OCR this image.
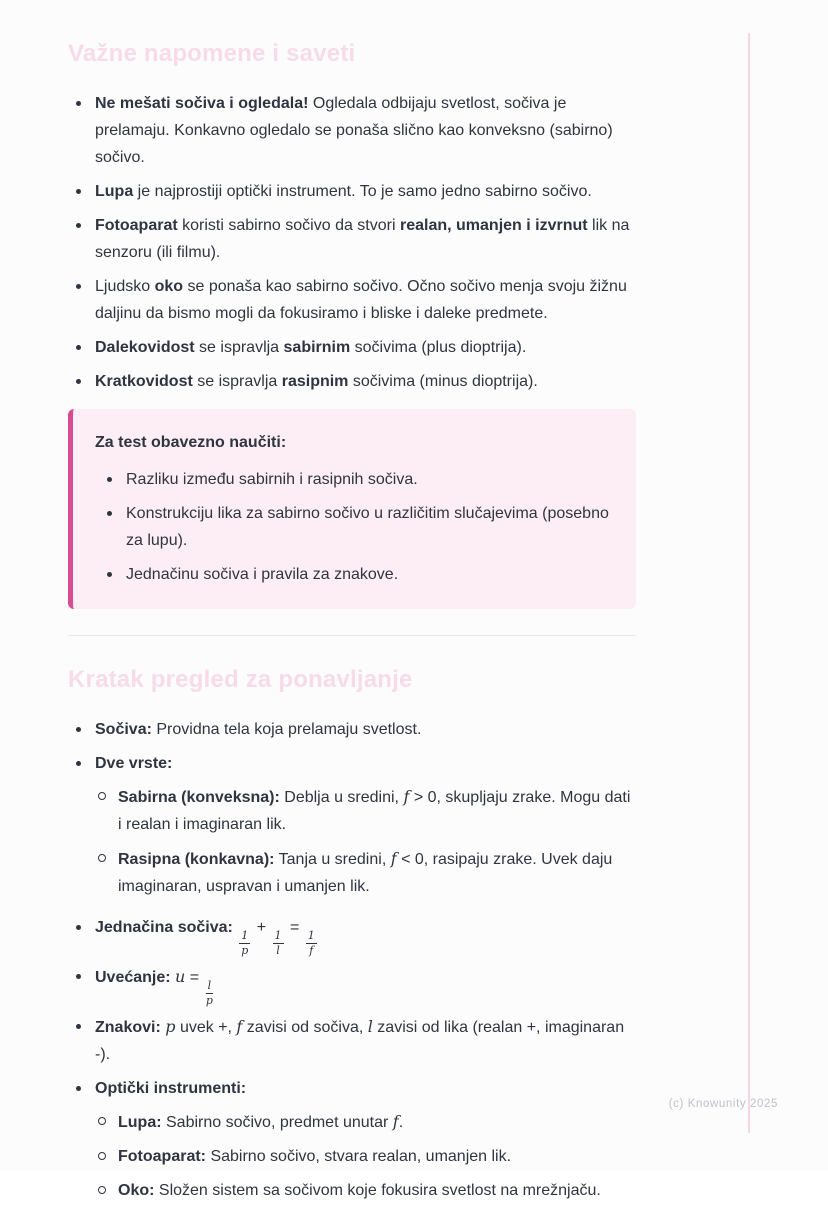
Važne napomene i saveti
Ne mešati sočiva i ogledala! Ogledala odbijaju svetlost, sočiva je prelamaju. Konkavno ogledalo se ponaša slično kao konveksno (sabirno) sočivo.
Lupa je najprostiji optički instrument. To je samo jedno sabirno sočivo.
Fotoaparat koristi sabirno sočivo da stvori realan, umanjen i izvrnut lik na senzoru (ili filmu).
Ljudsko oko se ponaša kao sabirno sočivo. Očno sočivo menja svoju žižnu daljinu da bismo mogli da fokusiramo i bliske i daleke predmete.
Dalekovidost se ispravlja sabirnim sočivima (plus dioptrija).
Kratkovidost se ispravlja rasipnim sočivima (minus dioptrija).

Za test obavezno naučiti:

Razliku između sabirnih i rasipnih sočiva.
Konstrukciju lika za sabirno sočivo u različitim slučajevima (posebno za lupu).
Jednačinu sočiva i pravila za znakove.
Kratak pregled za ponavljanje
Sočiva: Providna tela koja prelamaju svetlost.
Dve vrste:
Sabirna (konveksna): Deblja u sredini, f > 0, skupljaju zrake. Mogu dati i realan i imaginaran lik.
Rasipna (konkavna): Tanja u sredini, f < 0, rasipaju zrake. Uvek daju imaginaran, uspravan i umanjen lik.
Jednačina sočiva:
$\frac{1}{p}$
+
$\frac{1}{l}$
=
$\frac{1}{f}$
Uvećanje: u =
$\frac{l}{p}$
Znakovi: p uvek +, f zavisi od sočiva, l zavisi od lika (realan +, imaginaran -).
Optički instrumenti:
Lupa: Sabirno sočivo, predmet unutar f.
Fotoaparat: Sabirno sočivo, stvara realan, umanjen lik.
Oko: Složen sistem sa sočivom koje fokusira svetlost na mrežnjaču.
(c) Knowunity 2025
